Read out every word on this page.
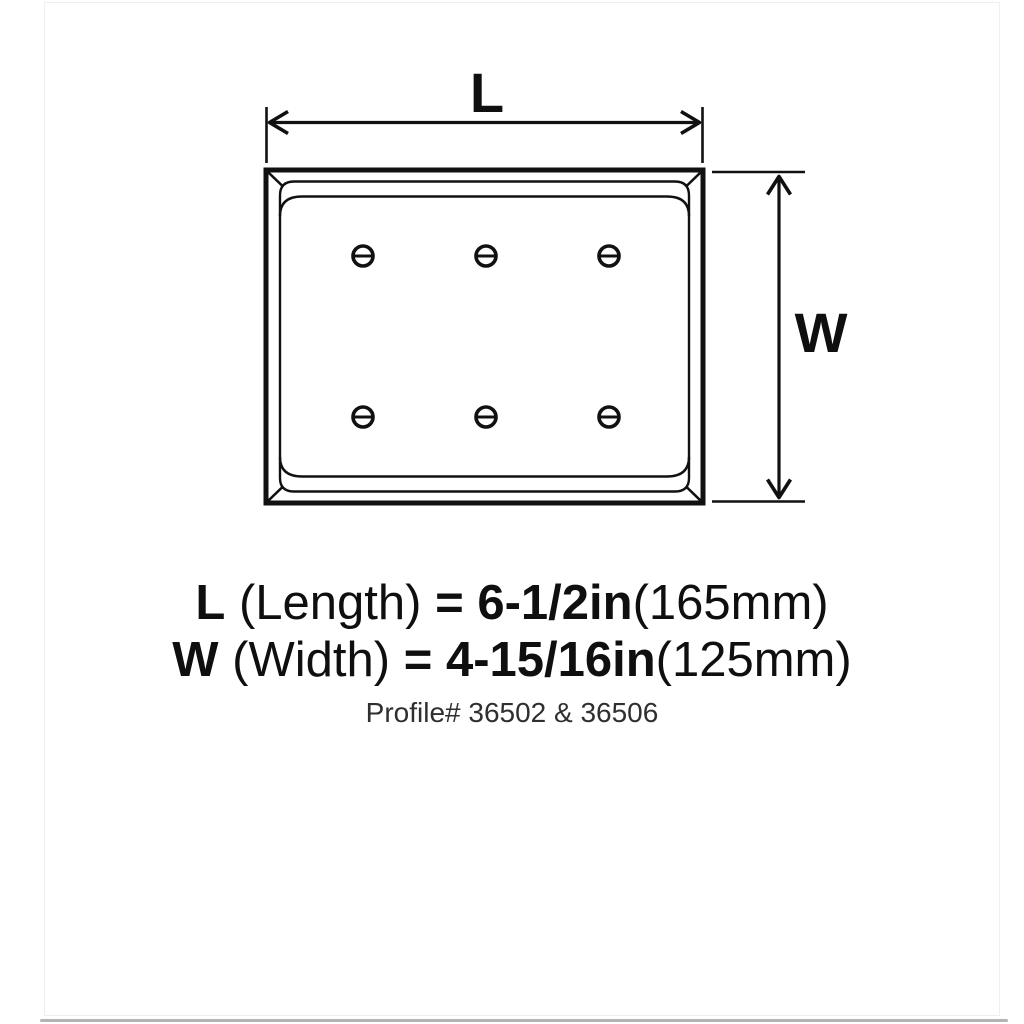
L
W
L (Length) = 6-1/2in(165mm)
W (Width) = 4-15/16in(125mm)
Profile# 36502 & 36506
